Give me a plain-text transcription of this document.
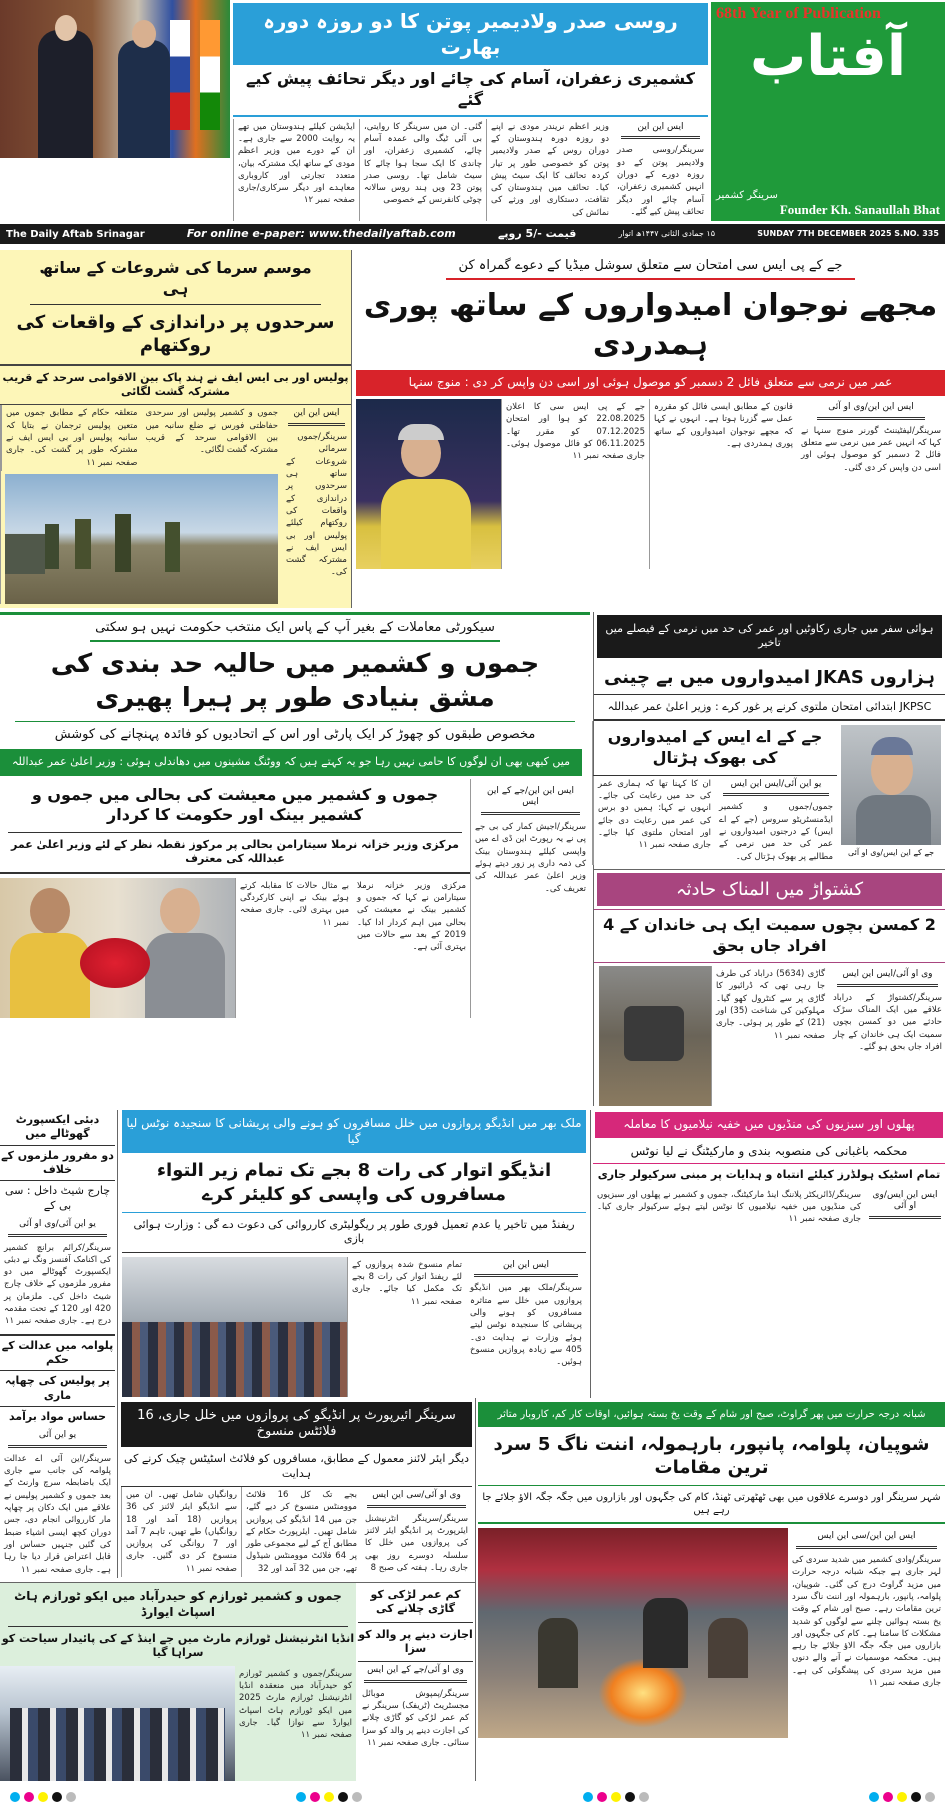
روسی صدر ولادیمیر پوتن کا دو روزہ دورہ بھارت
کشمیری زعفران، آسام کی چائے اور دیگر تحائف پیش کیے گئے
ایس این این
سرینگر/روسی صدر ولادیمیر پوتن کے دو روزہ دورے کے دوران انہیں کشمیری زعفران، آسام چائے اور دیگر تحائف پیش کیے گئے۔
وزیر اعظم نریندر مودی نے اپنے دو روزہ دورہ ہندوستان کے دوران روس کے صدر ولادیمیر پوتن کو خصوصی طور پر تیار کردہ تحائف کا ایک سیٹ پیش کیا۔ تحائف میں ہندوستان کی ثقافت، دستکاری اور ورثے کی نمائش کی
گئی۔ ان میں سرینگر کا روایتی، بی آئی ٹیگ والی عمدہ آسام چائے، کشمیری زعفران، اور چاندی کا ایک سجا ہوا چائے کا سیٹ شامل تھا۔ روسی صدر پوتن 23 ویں ہند روس سالانہ چوٹی کانفرنس کے خصوصی
ایڈیشن کیلئے ہندوستان میں تھے یہ روایت 2000 سے جاری ہے۔ ان کے دورے میں وزیر اعظم مودی کے ساتھ ایک مشترکہ بیان، متعدد تجارتی اور کاروباری معاہدے اور دیگر سرکاری/جاری صفحہ نمبر ۱۲
68th Year of Publication
آفتاب
سرینگر کشمیر
Founder Kh. Sanaullah Bhat
The Daily Aftab Srinagar	For online e-paper: www.thedailyaftab.com	قیمت -/5 روپے	۱۵ جمادی الثانی ۱۴۴۷ھ اتوار	SUNDAY 7TH DECEMBER 2025 S.NO. 335
موسم سرما کی شروعات کے ساتھ ہی
سرحدوں پر دراندازی کے واقعات کی روکتھام
پولیس اور بی ایس ایف نے ہند پاک بین الاقوامی سرحد کے قریب مشترکہ گشت لگائی
ایس این این
سرینگر/جموں سرمائی شروعات کے ساتھ ہی سرحدوں پر دراندازی کے واقعات کی روکتھام کیلئے پولیس اور بی ایس ایف نے مشترکہ گشت کی۔
جموں و کشمیر پولیس اور سرحدی حفاظتی فورس نے ضلع سانبہ میں بین الاقوامی سرحد کے قریب مشترکہ گشت لگائی۔
متعلقہ حکام کے مطابق جموں میں متعین پولیس ترجمان نے بتایا کہ سانبہ پولیس اور بی ایس ایف نے مشترکہ طور پر گشت کی۔ جاری صفحہ نمبر ۱۱
جے کے پی ایس سی امتحان سے متعلق سوشل میڈیا کے دعوے گمراہ کن
مجھے نوجوان امیدواروں کے ساتھ پوری ہمدردی
عمر میں نرمی سے متعلق فائل 2 دسمبر کو موصول ہوئی اور اسی دن واپس کر دی : منوج سنہا
ایس این این/وی او آئی
سرینگر/لیفٹیننٹ گورنر منوج سنہا نے کہا کہ انہیں عمر میں نرمی سے متعلق فائل 2 دسمبر کو موصول ہوئی اور اسی دن واپس کر دی گئی۔
قانون کے مطابق ایسی فائل کو مقررہ عمل سے گزرنا ہوتا ہے۔ انہوں نے کہا کہ مجھے نوجوان امیدواروں کے ساتھ پوری ہمدردی ہے۔
جے کے پی ایس سی کا اعلان 22.08.2025 کو ہوا اور امتحان 07.12.2025 کو مقرر تھا۔ 06.11.2025 کو فائل موصول ہوئی۔ جاری صفحہ نمبر ۱۱
سیکورٹی معاملات کے بغیر آپ کے پاس ایک منتخب حکومت نہیں ہو سکتی
جموں و کشمیر میں حالیہ حد بندی کی مشق بنیادی طور پر ہیرا پھیری
مخصوص طبقوں کو چھوڑ کر ایک پارٹی اور اس کے اتحادیوں کو فائدہ پہنچانے کی کوشش
میں کبھی بھی ان لوگوں کا حامی نہیں رہا جو یہ کہتے ہیں کہ ووٹنگ مشینوں میں دھاندلی ہوئی : وزیر اعلیٰ عمر عبداللہ
ایس این این/جے کے این ایس
سرینگر/اجیش کمار کی بی جے پی نے یہ رپورٹ این ڈی اے میں واپسی کیلئے ہندوستان بینک کی ذمہ داری پر زور دیتے ہوئے وزیر اعلیٰ عمر عبداللہ کی تعریف کی۔
جموں و کشمیر میں معیشت کی بحالی میں جموں و کشمیر بینک اور حکومت کا کردار
مرکزی وزیر خزانہ نرملا سیتارامن بحالی پر مرکوز نقطہ نظر کے لئے وزیر اعلیٰ عمر عبداللہ کی معترف
مرکزی وزیر خزانہ نرملا سیتارامن نے کہا کہ جموں و کشمیر بینک نے معیشت کی بحالی میں اہم کردار ادا کیا۔ 2019 کے بعد سے حالات میں بہتری آئی ہے۔
بے مثال حالات کا مقابلہ کرتے ہوئے بینک نے اپنی کارکردگی میں بہتری لائی۔ جاری صفحہ نمبر ۱۱
ہوائی سفر میں جاری رکاوٹیں اور عمر کی حد میں نرمی کے فیصلے میں تاخیر
ہزاروں JKAS امیدواروں میں بے چینی
JKPSC ابتدائی امتحان ملتوی کرنے پر غور کرے : وزیر اعلیٰ عمر عبداللہ
جے کے این ایس/وی او آئی
جے کے اے ایس کے امیدواروں کی بھوک ہڑتال
یو این آئی/ایس این ایس
جموں/جموں و کشمیر ایڈمنسٹریٹو سروس (جے کے اے ایس) کے درجنوں امیدواروں نے عمر کی حد میں نرمی کے مطالبے پر بھوک ہڑتال کی۔
ان کا کہنا تھا کہ ہماری عمر کی حد میں رعایت کی جائے۔ انہوں نے کہا: ہمیں دو برس کی عمر میں رعایت دی جائے اور امتحان ملتوی کیا جائے۔ جاری صفحہ نمبر ۱۱
کشتواڑ میں المناک حادثہ
2 کمسن بچوں سمیت ایک ہی خاندان کے 4 افراد جاں بحق
وی او آئی/ایس این ایس
سرینگر/کشتواڑ کے دراباد علاقے میں ایک المناک سڑک حادثے میں دو کمسن بچوں سمیت ایک ہی خاندان کے چار افراد جاں بحق ہو گئے۔
گاڑی (5634) دراباد کی طرف جا رہی تھی کہ ڈرائیور کا گاڑی پر سے کنٹرول کھو گیا۔ مہلوکین کی شناخت (35) اور (21) کے طور پر ہوئی۔ جاری صفحہ نمبر ۱۱
دبئی ایکسپورٹ گھوٹالے میں
دو مفرور ملزموں کے خلاف
چارج شیٹ داخل : سی بی کے
یو این آئی/وی او آئی
سرینگر/کرائم برانچ کشمیر کی اکنامک آفنسز ونگ نے دبئی ایکسپورٹ گھوٹالے میں دو مفرور ملزموں کے خلاف چارج شیٹ داخل کی۔ ملزمان پر 420 اور 120 کے تحت مقدمہ درج ہے۔ جاری صفحہ نمبر ۱۱
پلوامہ میں عدالت کے حکم
پر پولیس کی چھاپہ ماری
حساس مواد برآمد
یو این آئی
سرینگر/این آئی اے عدالت پلوامہ کی جانب سے جاری ایک باضابطہ سرچ وارنٹ کے بعد جموں و کشمیر پولیس نے علاقے میں ایک دکان پر چھاپہ مار کارروائی انجام دی، جس دوران کچھ ایسی اشیاء ضبط کی گئیں جنہیں حساس اور قابل اعتراض قرار دیا جا رہا ہے۔ جاری صفحہ نمبر ۱۱
ملک بھر میں انڈیگو پروازوں میں خلل مسافروں کو ہونے والی پریشانی کا سنجیدہ نوٹس لیا گیا
انڈیگو اتوار کی رات 8 بجے تک تمام زیر التواء مسافروں کی واپسی کو کلیئر کرے
ریفنڈ میں تاخیر یا عدم تعمیل فوری طور پر ریگولیٹری کارروائی کی دعوت دے گی : وزارت ہوائی بازی
ایس این این
سرینگر/ملک بھر میں انڈیگو پروازوں میں خلل سے متاثرہ مسافروں کو ہونے والی پریشانی کا سنجیدہ نوٹس لیتے ہوئے وزارت نے ہدایت دی۔ 405 سے زیادہ پروازیں منسوخ ہوئیں۔
تمام منسوخ شدہ پروازوں کے لئے ریفنڈ اتوار کی رات 8 بجے تک مکمل کیا جائے۔ جاری صفحہ نمبر ۱۱
پھلوں اور سبزیوں کی منڈیوں میں خفیہ نیلامیوں کا معاملہ
محکمہ باغبانی کی منصوبہ بندی و مارکیٹنگ نے لیا نوٹس
تمام اسٹیک ہولڈرز کیلئے انتباہ و ہدایات پر مبنی سرکیولر جاری
ایس این ایس/وی او آئی
سرینگر/ڈائریکٹر پلاننگ اینڈ مارکیٹنگ، جموں و کشمیر نے پھلوں اور سبزیوں کی منڈیوں میں خفیہ نیلامیوں کا نوٹس لیتے ہوئے سرکیولر جاری کیا۔ جاری صفحہ نمبر ۱۱
سرینگر ائیرپورٹ پر انڈیگو کی پروازوں میں خلل جاری، 16 فلائٹس منسوخ
دیگر ایئر لائنز معمول کے مطابق، مسافروں کو فلائٹ اسٹیٹس چیک کرنے کی ہدایت
وی او آئی/سی این ایس
سرینگر/سرینگر انٹرنیشنل ایئرپورٹ پر انڈیگو ایئر لائنز کی پروازوں میں خلل کا سلسلہ دوسرے روز بھی جاری رہا۔ ہفتہ کی صبح 8
بجے تک کل 16 فلائٹ موومنٹس منسوخ کر دیے گئے، جن میں 14 انڈیگو کی پروازیں شامل تھیں۔ ایئرپورٹ حکام کے مطابق آج کے لیے مجموعی طور پر 64 فلائٹ موومنٹس شیڈول تھے، جن میں 32 آمد اور 32
روانگیاں شامل تھیں۔ ان میں سے انڈیگو ایئر لائنز کی 36 پروازیں (18 آمد اور 18 روانگیاں) طے تھیں، تاہم 7 آمد اور 7 روانگی کی پروازیں منسوخ کر دی گئیں۔ جاری صفحہ نمبر ۱۱
شبانہ درجہ حرارت میں پھر گراوٹ، صبح اور شام کے وقت یخ بستہ ہوائیں، اوقات کار کم، کاروبار متاثر
شوپیان، پلوامہ، پانپور، بارہمولہ، اننت ناگ 5 سرد ترین مقامات
شہر سرینگر اور دوسرے علاقوں میں بھی ٹھٹھرتی ٹھنڈ، کام کی جگہوں اور بازاروں میں جگہ جگہ الاؤ جلائے جا رہے ہیں
ایس این این/سی این ایس
سرینگر/وادی کشمیر میں شدید سردی کی لہر جاری ہے جبکہ شبانہ درجہ حرارت میں مزید گراوٹ درج کی گئی۔ شوپیان، پلوامہ، پانپور، بارہمولہ اور اننت ناگ سرد ترین مقامات رہے۔ صبح اور شام کے وقت یخ بستہ ہوائیں چلنے سے لوگوں کو شدید مشکلات کا سامنا ہے۔ کام کی جگہوں اور بازاروں میں جگہ جگہ الاؤ جلائے جا رہے ہیں۔ محکمہ موسمیات نے آنے والے دنوں میں مزید سردی کی پیشگوئی کی ہے۔ جاری صفحہ نمبر ۱۱
جموں و کشمیر ٹورازم کو حیدرآباد میں ایکو ٹورازم ہاٹ اسپاٹ ایوارڈ
انڈیا انٹرنیشنل ٹورازم مارٹ میں جے اینڈ کے کی پائیدار سیاحت کو سراہا گیا
سرینگر/جموں و کشمیر ٹورازم کو حیدرآباد میں منعقدہ انڈیا انٹرنیشنل ٹورازم مارٹ 2025 میں ایکو ٹورازم ہاٹ اسپاٹ ایوارڈ سے نوازا گیا۔ جاری صفحہ نمبر ۱۱
کم عمر لڑکی کو گاڑی چلانے کی
اجازت دینے پر والد کو سزا
وی او آئی/جے کے این ایس
سرینگر/پمپوش موبائل مجسٹریٹ (ٹریفک) سرینگر نے کم عمر لڑکی کو گاڑی چلانے کی اجازت دینے پر والد کو سزا سنائی۔ جاری صفحہ نمبر ۱۱
